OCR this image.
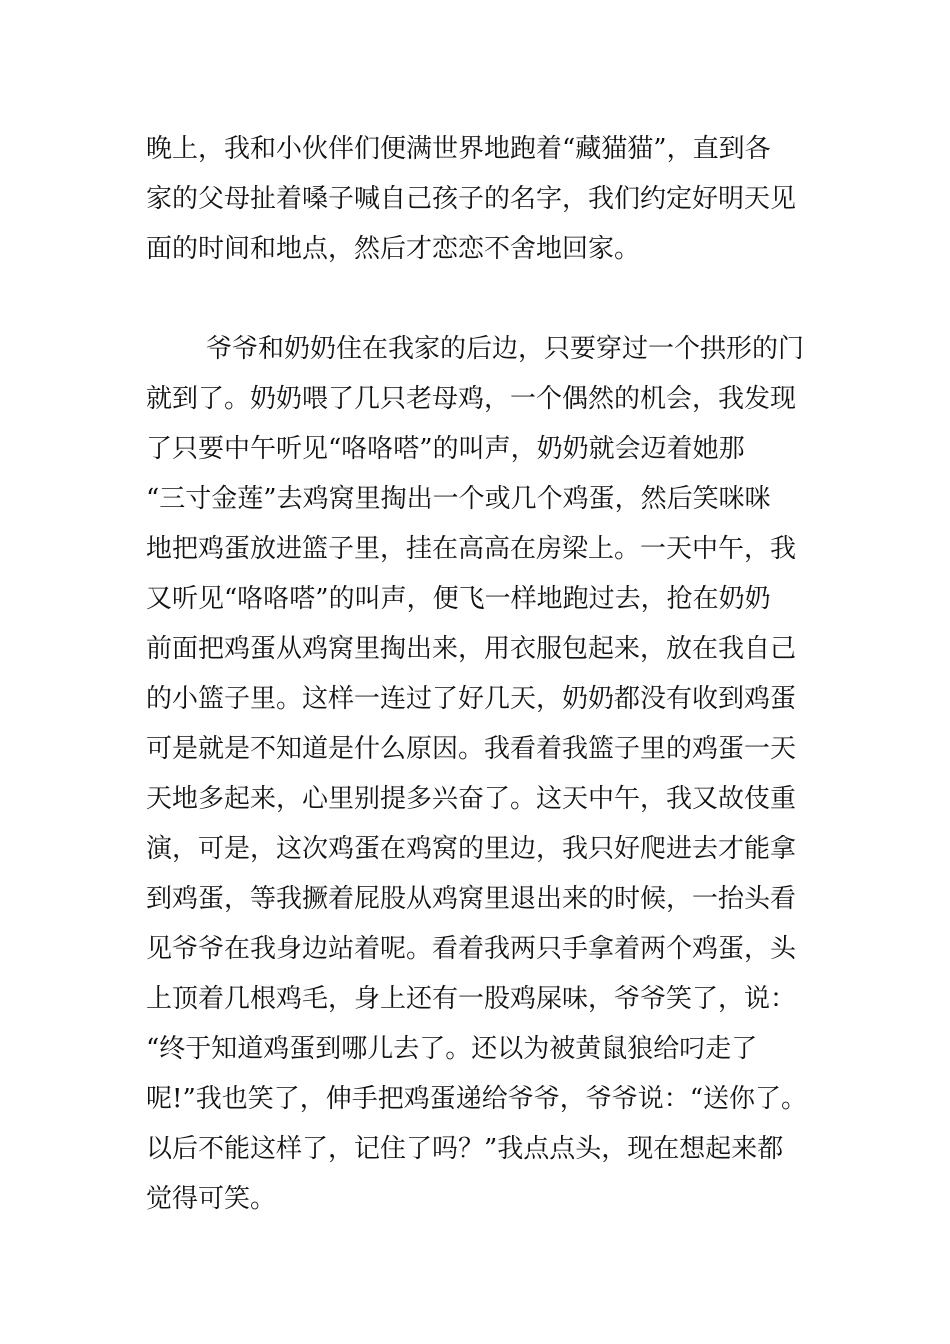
晚上，我和小伙伴们便满世界地跑着“藏猫猫”，直到各
家的父母扯着嗓子喊自己孩子的名字，我们约定好明天见
面的时间和地点，然后才恋恋不舍地回家。
爷爷和奶奶住在我家的后边，只要穿过一个拱形的门
就到了。奶奶喂了几只老母鸡，一个偶然的机会，我发现
了只要中午听见“咯咯嗒”的叫声，奶奶就会迈着她那
“三寸金莲”去鸡窝里掏出一个或几个鸡蛋，然后笑咪咪
地把鸡蛋放进篮子里，挂在高高在房梁上。一天中午，我
又听见“咯咯嗒”的叫声，便飞一样地跑过去，抢在奶奶
前面把鸡蛋从鸡窝里掏出来，用衣服包起来，放在我自己
的小篮子里。这样一连过了好几天，奶奶都没有收到鸡蛋
可是就是不知道是什么原因。我看着我篮子里的鸡蛋一天
天地多起来，心里别提多兴奋了。这天中午，我又故伎重
演，可是，这次鸡蛋在鸡窝的里边，我只好爬进去才能拿
到鸡蛋，等我撅着屁股从鸡窝里退出来的时候，一抬头看
见爷爷在我身边站着呢。看着我两只手拿着两个鸡蛋，头
上顶着几根鸡毛，身上还有一股鸡屎味，爷爷笑了，说：
“终于知道鸡蛋到哪儿去了。还以为被黄鼠狼给叼走了
呢!”我也笑了，伸手把鸡蛋递给爷爷，爷爷说：“送你了。
以后不能这样了，记住了吗？”我点点头，现在想起来都
觉得可笑。
